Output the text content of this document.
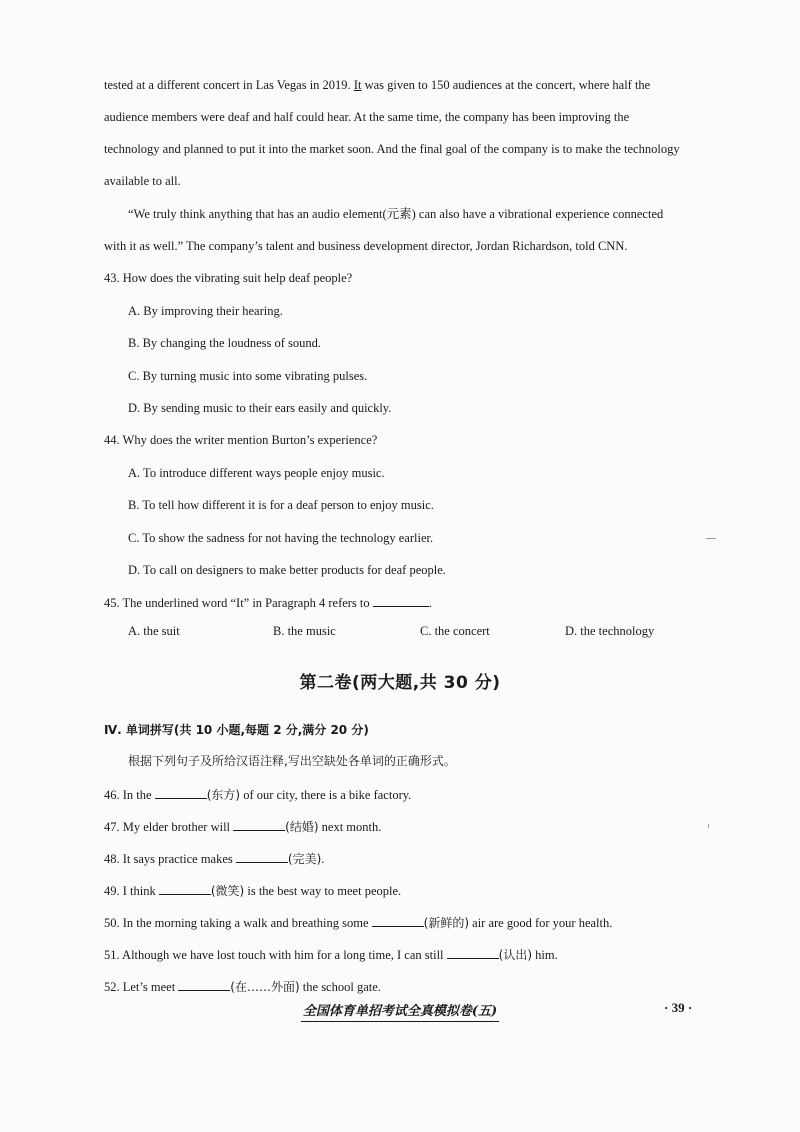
tested at a different concert in Las Vegas in 2019. It was given to 150 audiences at the concert, where half the
audience members were deaf and half could hear. At the same time, the company has been improving the
technology and planned to put it into the market soon. And the final goal of the company is to make the technology
available to all.
“We truly think anything that has an audio element(元素) can also have a vibrational experience connected
with it as well.” The company’s talent and business development director, Jordan Richardson, told CNN.
43. How does the vibrating suit help deaf people?
A. By improving their hearing.
B. By changing the loudness of sound.
C. By turning music into some vibrating pulses.
D. By sending music to their ears easily and quickly.
44. Why does the writer mention Burton’s experience?
A. To introduce different ways people enjoy music.
B. To tell how different it is for a deaf person to enjoy music.
C. To show the sadness for not having the technology earlier.
D. To call on designers to make better products for deaf people.
45. The underlined word “It” in Paragraph 4 refers to	.
A. the suit	B. the music	C. the concert	D. the technology
第二卷(两大题,共 30 分)
Ⅳ. 单词拼写(共 10 小题,每题 2 分,满分 20 分)
根据下列句子及所给汉语注释,写出空缺处各单词的正确形式。
46. In the	(东方) of our city, there is a bike factory.
47. My elder brother will	(结婚) next month.
48. It says practice makes	(完美).
49. I think	(微笑) is the best way to meet people.
50. In the morning taking a walk and breathing some	(新鲜的) air are good for your health.
51. Although we have lost touch with him for a long time, I can still	(认出) him.
52. Let’s meet	(在……外面) the school gate.
全国体育单招考试全真模拟卷(五)	· 39 ·
